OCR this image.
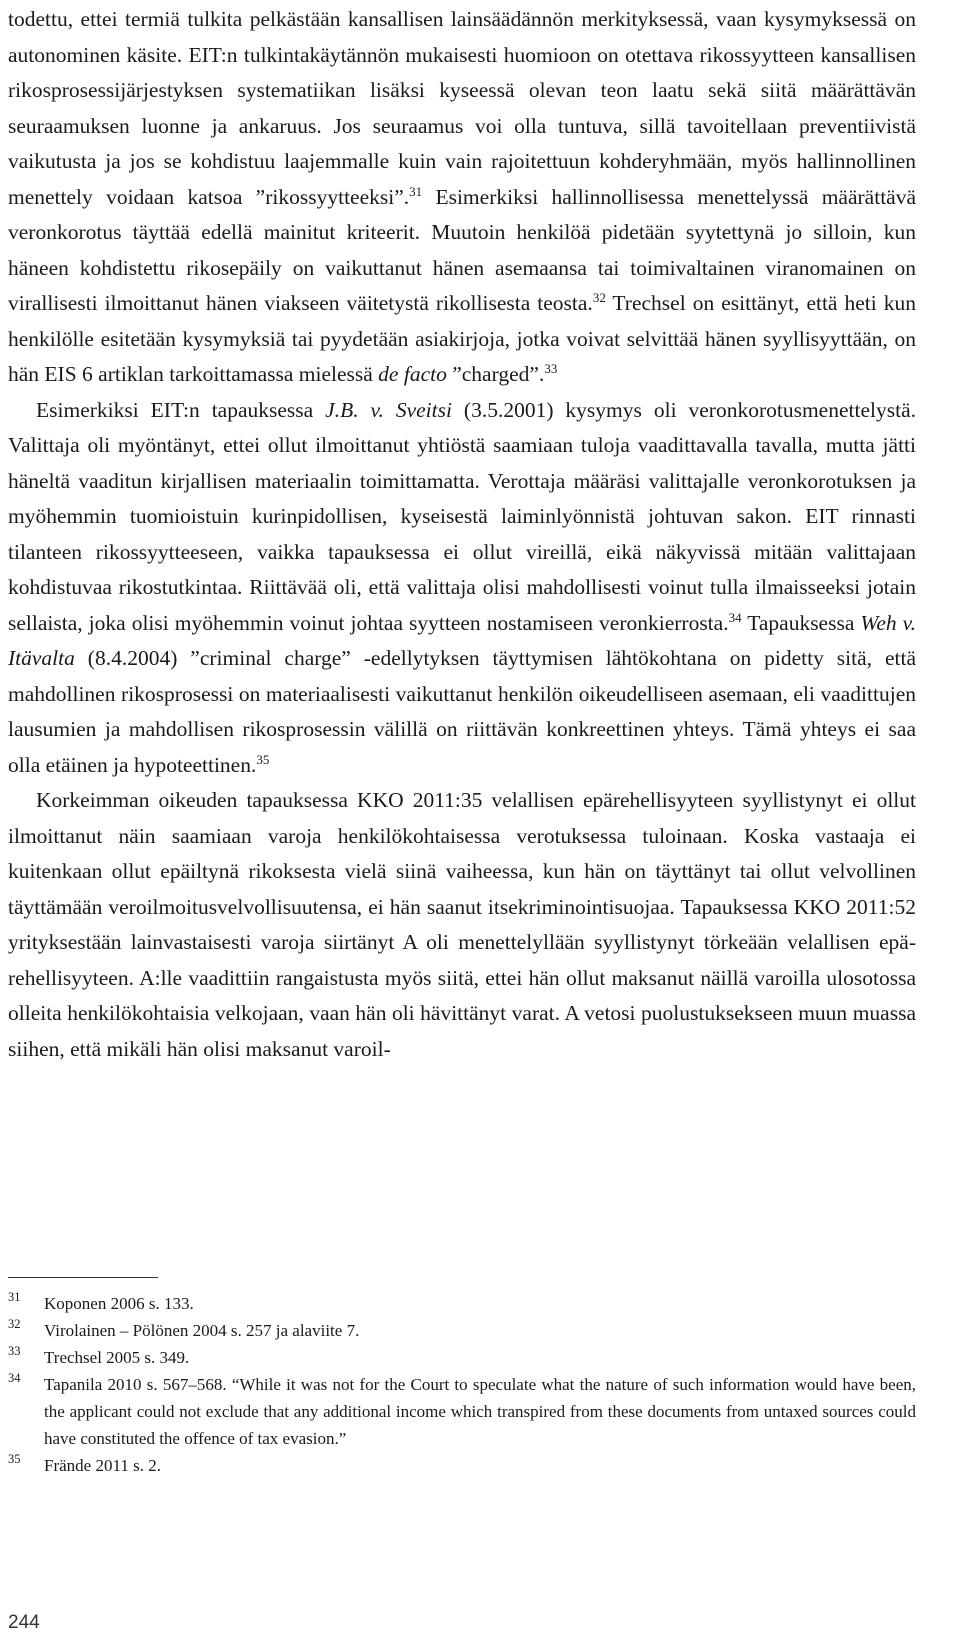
todettu, ettei termiä tulkita pelkästään kansallisen lainsäädännön merkityksessä, vaan kysymyksessä on autonominen käsite. EIT:n tulkintakäytännön mukaisesti huomioon on otettava rikossyytteen kansallisen rikosprosessijärjestyksen systematiikan lisäksi kyseessä olevan teon laatu sekä siitä määrättävän seuraamuksen luonne ja ankaruus. Jos seuraamus voi olla tuntuva, sillä tavoitellaan preventiivistä vaikutusta ja jos se kohdistuu laajemmalle kuin vain rajoitettuun kohderyhmään, myös hallinnollinen menettely voidaan katsoa ”rikossyytteeksi”.$^{31}$ Esimerkiksi hallinnollisessa menettelyssä määrättävä veronkorotus täyttää edellä mainitut kriteerit. Muutoin henkilöä pidetään syytettynä jo silloin, kun häneen kohdistettu rikosepäily on vaikuttanut hänen asemaansa tai toimivaltainen viranomainen on virallisesti ilmoittanut hänen viakseen väitetystä rikollisesta teosta.$^{32}$ Trechsel on esittänyt, että heti kun henkilölle esitetään kysymyksiä tai pyydetään asiakirjoja, jotka voivat selvittää hänen syyllisyyttään, on hän EIS 6 artiklan tarkoittamassa mielessä de facto ”charged”.$^{33}$

Esimerkiksi EIT:n tapauksessa J.B. v. Sveitsi (3.5.2001) kysymys oli veronkorotusmenettelystä. Valittaja oli myöntänyt, ettei ollut ilmoittanut yhtiöstä saamiaan tuloja vaadittavalla tavalla, mutta jätti häneltä vaaditun kirjallisen materiaalin toimittamatta. Verottaja määräsi valittajalle veronkorotuksen ja myöhemmin tuomioistuin kurinpidollisen, kyseisestä laiminlyönnistä johtuvan sakon. EIT rinnasti tilanteen rikossyytteeseen, vaikka tapauksessa ei ollut vireillä, eikä näkyvissä mitään valittajaan kohdistuvaa rikostutkintaa. Riittävää oli, että valittaja olisi mahdollisesti voinut tulla ilmaisseeksi jotain sellaista, joka olisi myöhemmin voinut johtaa syytteen nostamiseen veronkierrosta.$^{34}$ Tapauksessa Weh v. Itävalta (8.4.2004) ”criminal charge” -edellytyksen täyttymisen lähtökohtana on pidetty sitä, että mahdollinen rikosprosessi on materiaalisesti vaikuttanut henkilön oikeudelliseen asemaan, eli vaadittujen lausumien ja mahdollisen rikosprosessin välillä on riittävän konkreettinen yhteys. Tämä yhteys ei saa olla etäinen ja hypoteettinen.$^{35}$

Korkeimman oikeuden tapauksessa KKO 2011:35 velallisen epärehellisyyteen syyllistynyt ei ollut ilmoittanut näin saamiaan varoja henkilökohtaisessa verotuksessa tuloinaan. Koska vastaaja ei kuitenkaan ollut epäiltynä rikoksesta vielä siinä vaiheessa, kun hän on täyttänyt tai ollut velvollinen täyttämään veroilmoitusvelvollisuutensa, ei hän saanut itsekriminointisuojaa. Tapauksessa KKO 2011:52 yrityksestään lainvastaisesti varoja siirtänyt A oli menettelyllään syyllistynyt törkeään velallisen epärehellisyyteen. A:lle vaadittiin rangaistusta myös siitä, ettei hän ollut maksanut näillä varoilla ulosotossa olleita henkilökohtaisia velkojaan, vaan hän oli hävittänyt varat. A vetosi puolustuksekseen muun muassa siihen, että mikäli hän olisi maksanut varoil-

31 Koponen 2006 s. 133.
32 Virolainen – Pölönen 2004 s. 257 ja alaviite 7.
33 Trechsel 2005 s. 349.
34 Tapanila 2010 s. 567–568. “While it was not for the Court to speculate what the nature of such information would have been, the applicant could not exclude that any additional income which transpired from these documents from untaxed sources could have constituted the offence of tax evasion.”
35 Frände 2011 s. 2.
244
